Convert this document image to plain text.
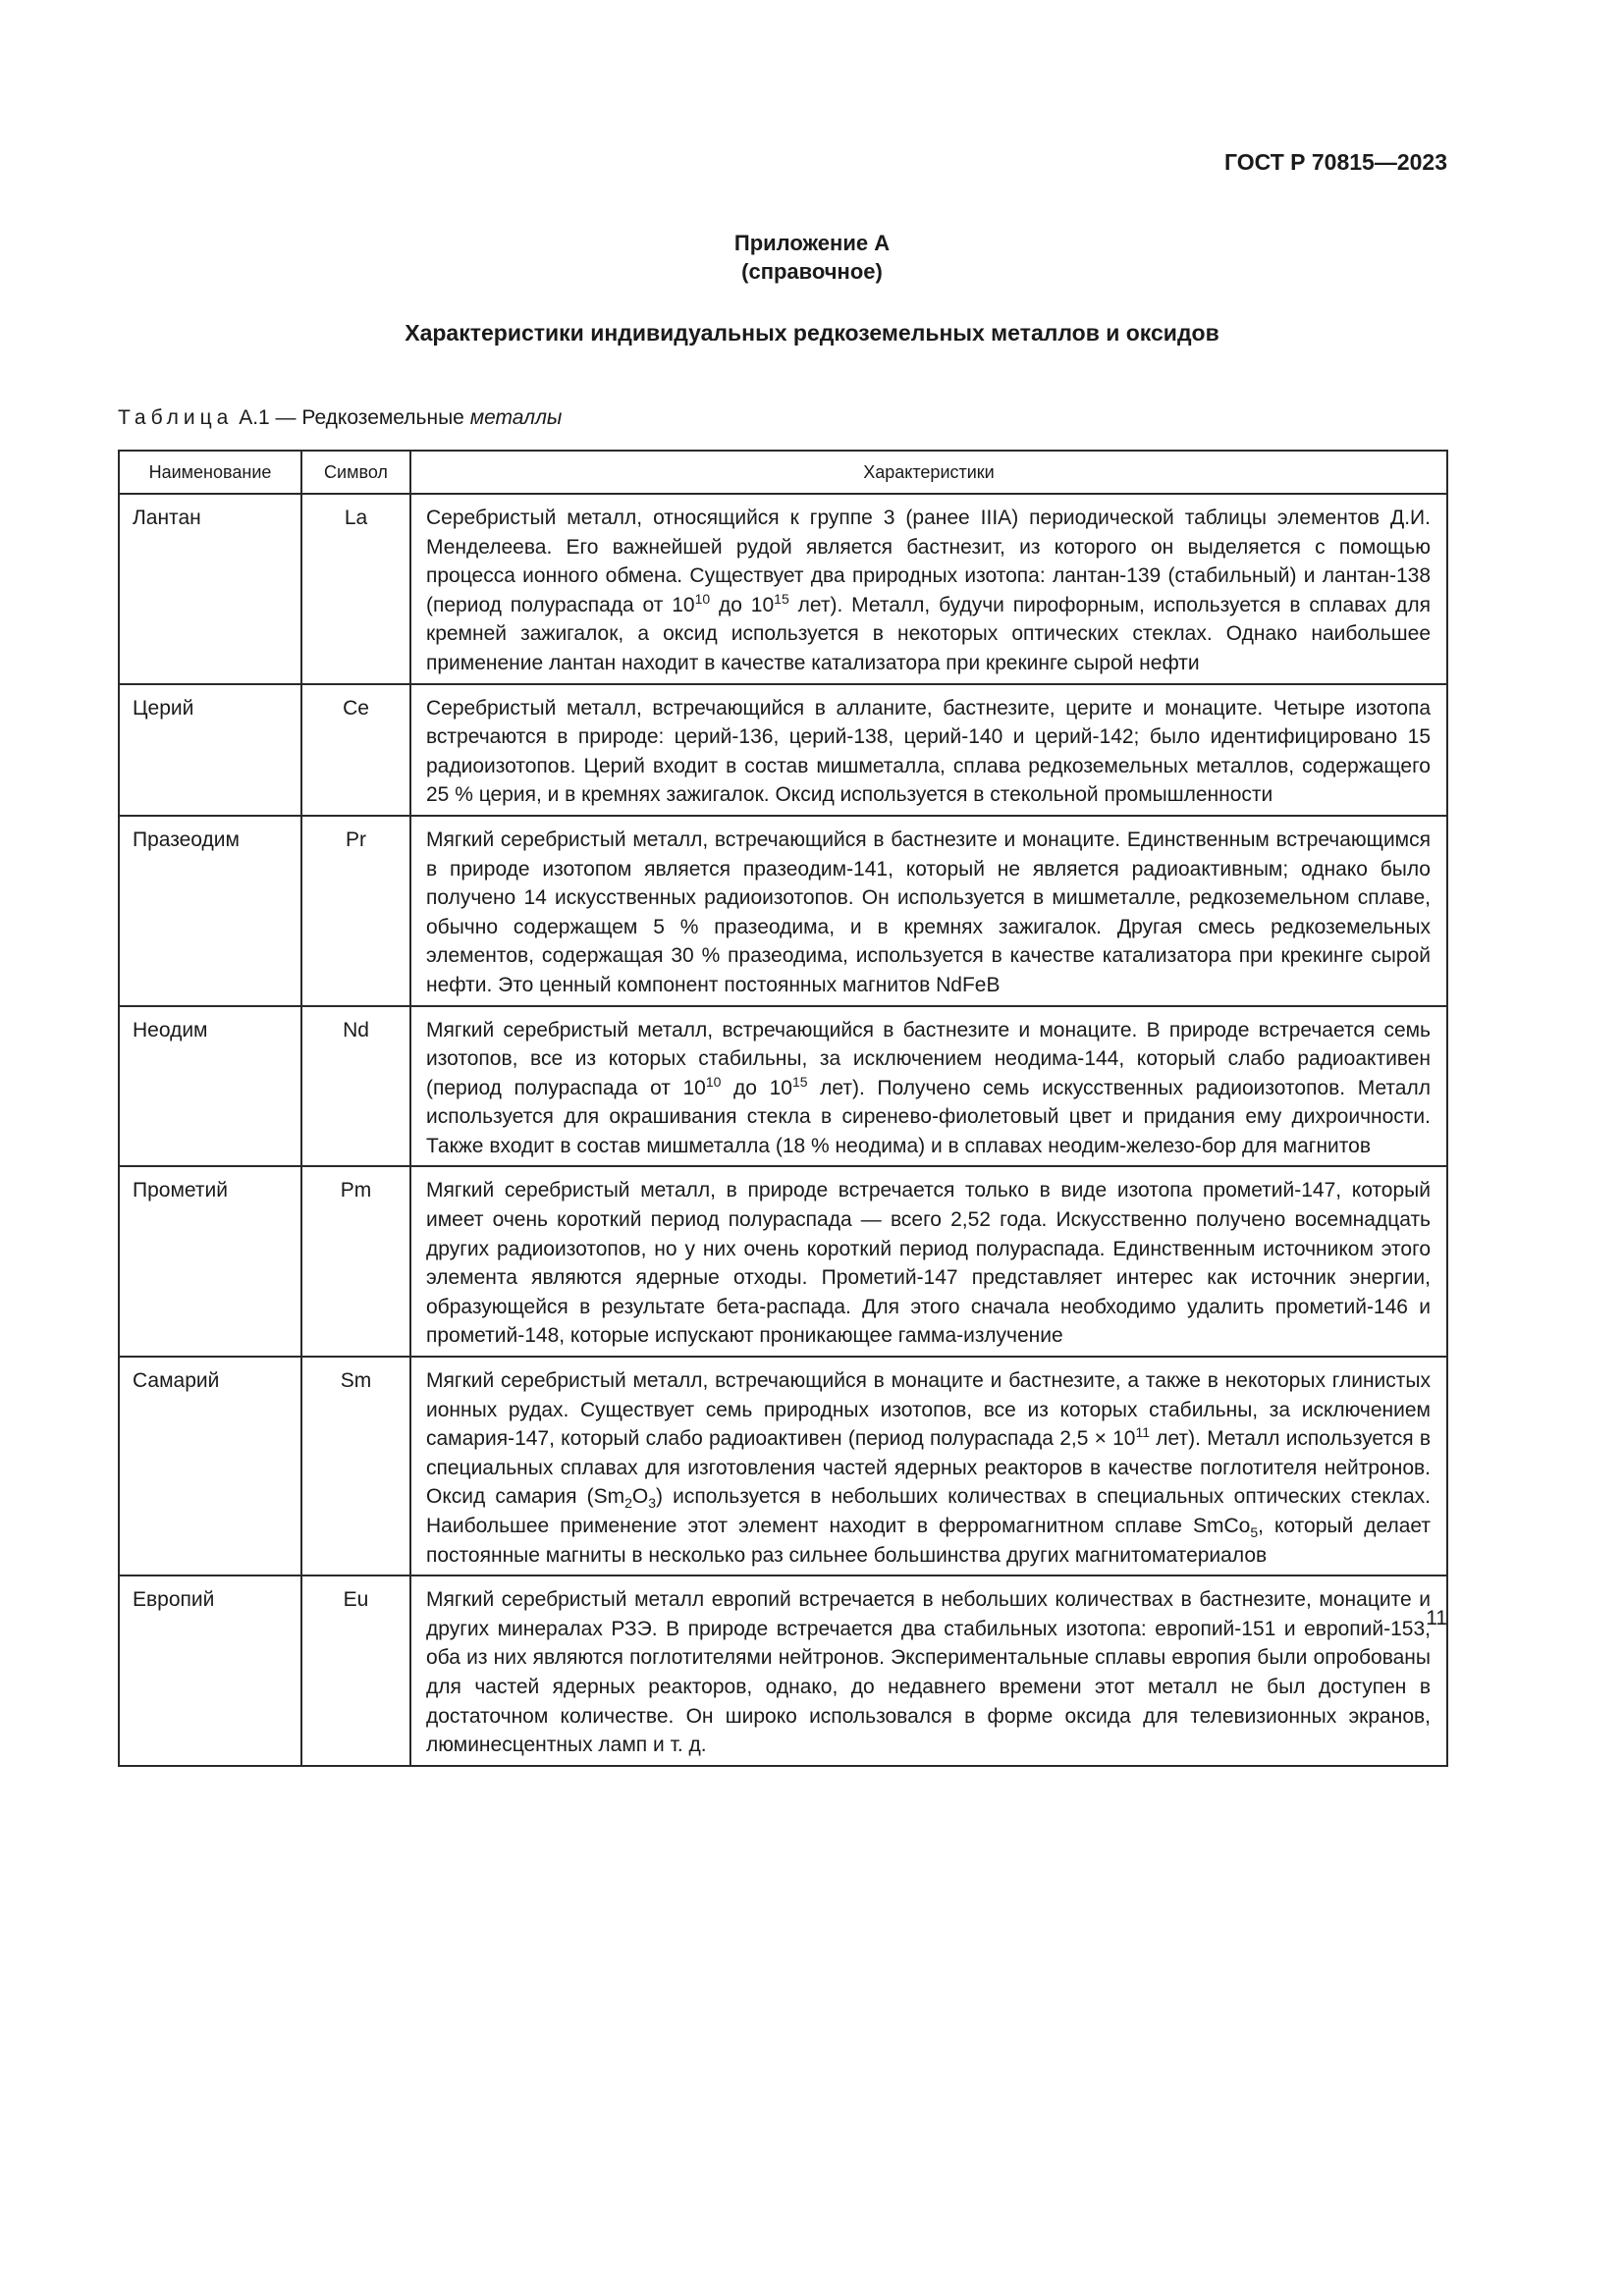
ГОСТ Р 70815—2023
Приложение А
(справочное)
Характеристики индивидуальных редкоземельных металлов и оксидов
Таблица A.1 — Редкоземельные металлы
Наименование	Символ	Характеристики
Лантан	La	Серебристый металл, относящийся к группе 3 (ранее IIIA) периодической таблицы элементов Д.И. Менделеева. Его важнейшей рудой является бастнезит, из которого он выделяется с помощью процесса ионного обмена. Существует два природных изотопа: лантан-139 (стабильный) и лантан-138 (период полураспада от $10^{10}$ до $10^{15}$ лет). Металл, будучи пирофорным, используется в сплавах для кремней зажигалок, а оксид используется в некоторых оптических стеклах. Однако наибольшее применение лантан находит в качестве катализатора при крекинге сырой нефти
Церий	Ce	Серебристый металл, встречающийся в алланите, бастнезите, церите и монаците. Четыре изотопа встречаются в природе: церий-136, церий-138, церий-140 и церий-142; было идентифицировано 15 радиоизотопов. Церий входит в состав мишметалла, сплава редкоземельных металлов, содержащего 25 % церия, и в кремнях зажигалок. Оксид используется в стекольной промышленности
Празеодим	Pr	Мягкий серебристый металл, встречающийся в бастнезите и монаците. Единственным встречающимся в природе изотопом является празеодим-141, который не является радиоактивным; однако было получено 14 искусственных радиоизотопов. Он используется в мишметалле, редкоземельном сплаве, обычно содержащем 5 % празеодима, и в кремнях зажигалок. Другая смесь редкоземельных элементов, содержащая 30 % празеодима, используется в качестве катализатора при крекинге сырой нефти. Это ценный компонент постоянных магнитов NdFeB
Неодим	Nd	Мягкий серебристый металл, встречающийся в бастнезите и монаците. В природе встречается семь изотопов, все из которых стабильны, за исключением неодима-144, который слабо радиоактивен (период полураспада от $10^{10}$ до $10^{15}$ лет). Получено семь искусственных радиоизотопов. Металл используется для окрашивания стекла в сиренево-фиолетовый цвет и придания ему дихроичности. Также входит в состав мишметалла (18 % неодима) и в сплавах неодим-железо-бор для магнитов
Прометий	Pm	Мягкий серебристый металл, в природе встречается только в виде изотопа прометий-147, который имеет очень короткий период полураспада — всего 2,52 года. Искусственно получено восемнадцать других радиоизотопов, но у них очень короткий период полураспада. Единственным источником этого элемента являются ядерные отходы. Прометий-147 представляет интерес как источник энергии, образующейся в результате бета-распада. Для этого сначала необходимо удалить прометий-146 и прометий-148, которые испускают проникающее гамма-излучение
Самарий	Sm	Мягкий серебристый металл, встречающийся в монаците и бастнезите, а также в некоторых глинистых ионных рудах. Существует семь природных изотопов, все из которых стабильны, за исключением самария-147, который слабо радиоактивен (период полураспада $2,5 \times 10^{11}$ лет). Металл используется в специальных сплавах для изготовления частей ядерных реакторов в качестве поглотителя нейтронов. Оксид самария $(Sm_2O_3)$ используется в небольших количествах в специальных оптических стеклах. Наибольшее применение этот элемент находит в ферромагнитном сплаве SmCo$_5$, который делает постоянные магниты в несколько раз сильнее большинства других магнитоматериалов
Европий	Eu	Мягкий серебристый металл европий встречается в небольших количествах в бастнезите, монаците и других минералах РЗЭ. В природе встречается два стабильных изотопа: европий-151 и европий-153, оба из них являются поглотителями нейтронов. Экспериментальные сплавы европия были опробованы для частей ядерных реакторов, однако, до недавнего времени этот металл не был доступен в достаточном количестве. Он широко использовался в форме оксида для телевизионных экранов, люминесцентных ламп и т. д.
11
